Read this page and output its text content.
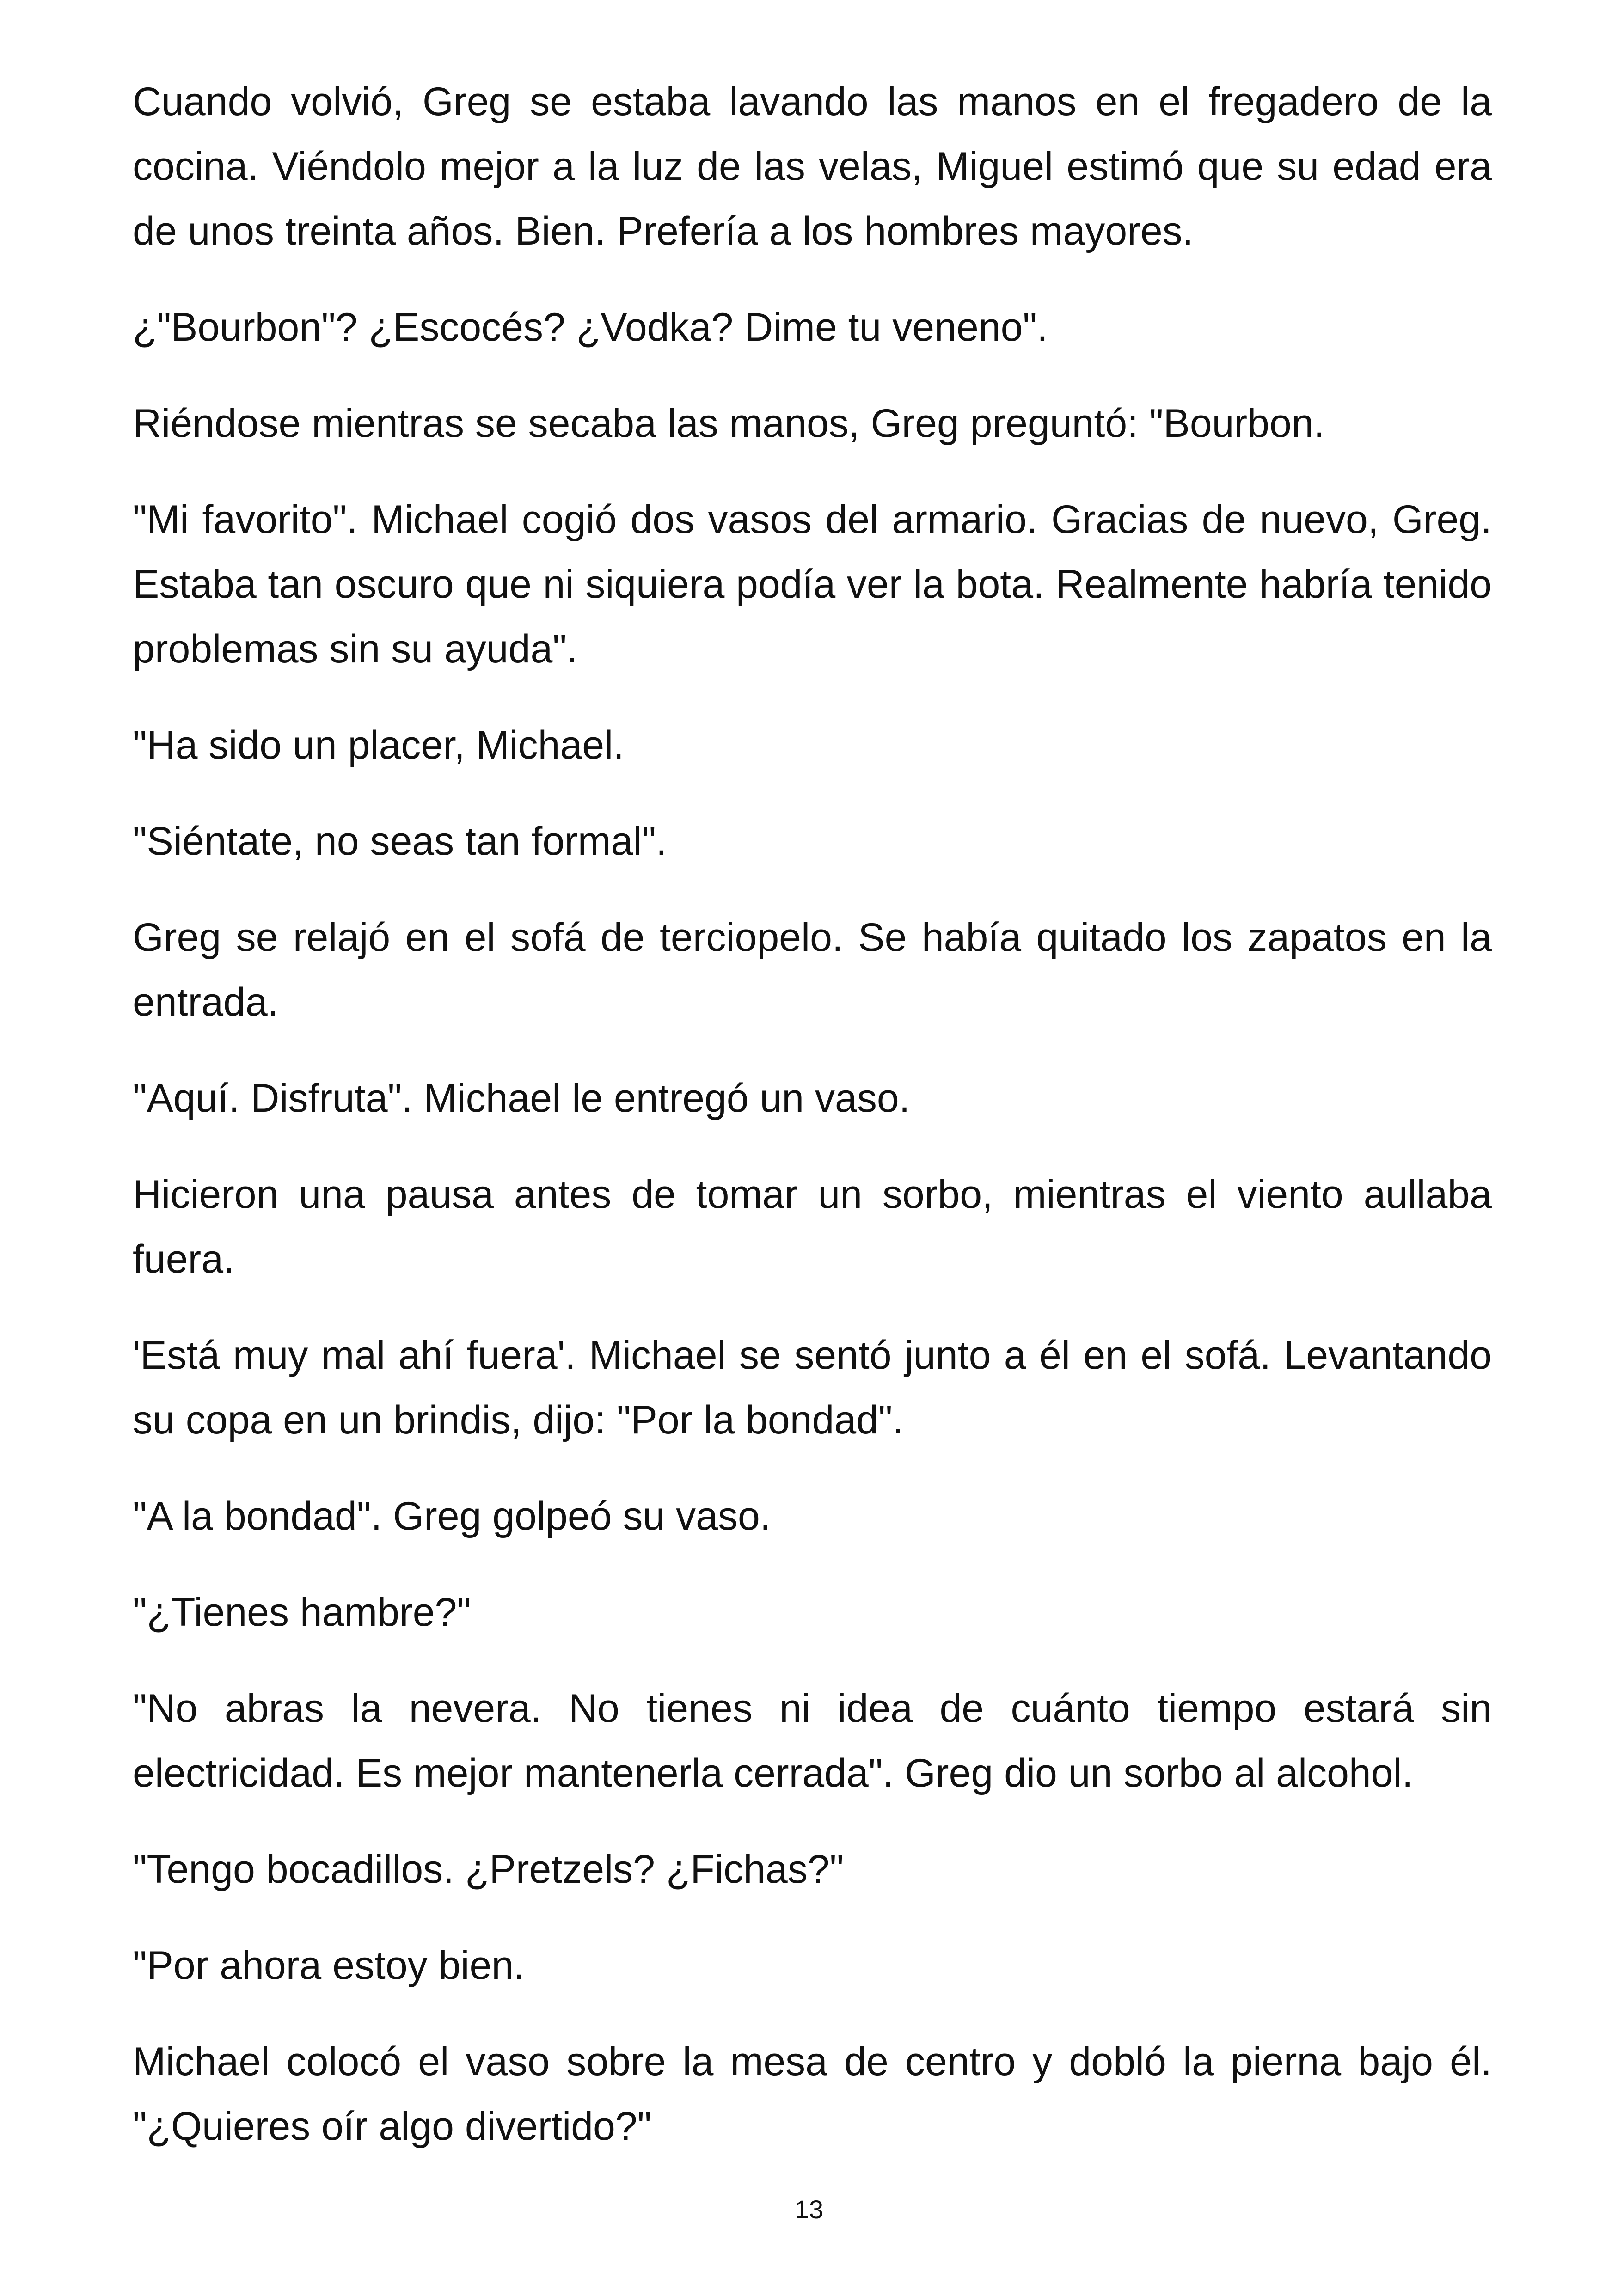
Cuando volvió, Greg se estaba lavando las manos en el fregadero de la cocina. Viéndolo mejor a la luz de las velas, Miguel estimó que su edad era de unos treinta años. Bien. Prefería a los hombres mayores.

¿"Bourbon"? ¿Escocés? ¿Vodka? Dime tu veneno".

Riéndose mientras se secaba las manos, Greg preguntó: "Bourbon.

"Mi favorito". Michael cogió dos vasos del armario. Gracias de nuevo, Greg. Estaba tan oscuro que ni siquiera podía ver la bota. Realmente habría tenido problemas sin su ayuda".

"Ha sido un placer, Michael.

"Siéntate, no seas tan formal".

Greg se relajó en el sofá de terciopelo. Se había quitado los zapatos en la entrada.

"Aquí. Disfruta". Michael le entregó un vaso.

Hicieron una pausa antes de tomar un sorbo, mientras el viento aullaba fuera.

'Está muy mal ahí fuera'. Michael se sentó junto a él en el sofá. Levantando su copa en un brindis, dijo: "Por la bondad".

"A la bondad". Greg golpeó su vaso.

"¿Tienes hambre?"

"No abras la nevera. No tienes ni idea de cuánto tiempo estará sin electricidad. Es mejor mantenerla cerrada". Greg dio un sorbo al alcohol.

"Tengo bocadillos. ¿Pretzels? ¿Fichas?"

"Por ahora estoy bien.

Michael colocó el vaso sobre la mesa de centro y dobló la pierna bajo él. "¿Quieres oír algo divertido?"

13
